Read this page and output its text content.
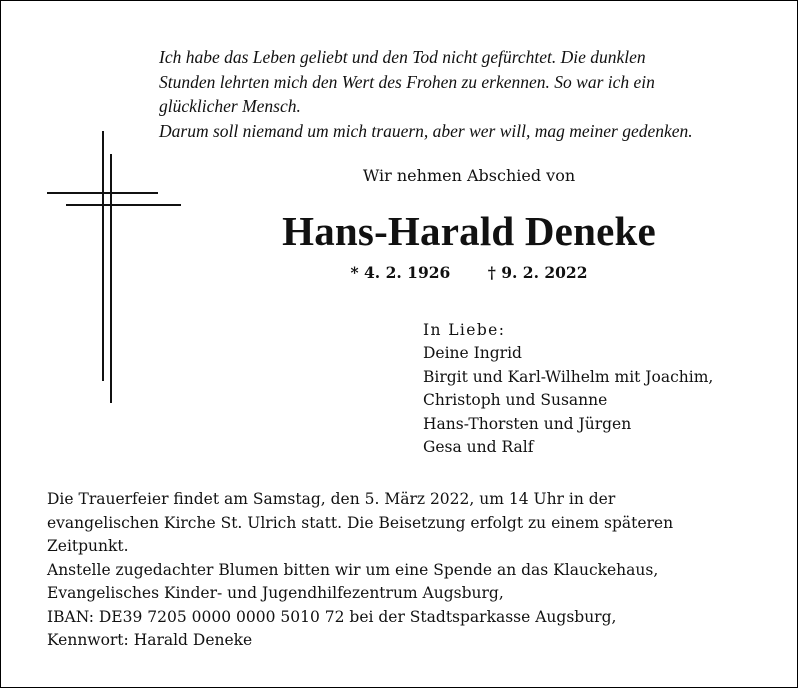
Ich habe das Leben geliebt und den Tod nicht gefürchtet. Die dunklen
Stunden lehrten mich den Wert des Frohen zu erkennen. So war ich ein
glücklicher Mensch.
Darum soll niemand um mich trauern, aber wer will, mag meiner gedenken.
Wir nehmen Abschied von
Hans-Harald Deneke
* 4. 2. 1926 † 9. 2. 2022
In Liebe:
Deine Ingrid
Birgit und Karl-Wilhelm mit Joachim,
Christoph und Susanne
Hans-Thorsten und Jürgen
Gesa und Ralf
Die Trauerfeier findet am Samstag, den 5. März 2022, um 14 Uhr in der
evangelischen Kirche St. Ulrich statt. Die Beisetzung erfolgt zu einem späteren
Zeitpunkt.
Anstelle zugedachter Blumen bitten wir um eine Spende an das Klauckehaus,
Evangelisches Kinder- und Jugendhilfezentrum Augsburg,
IBAN: DE39 7205 0000 0000 5010 72 bei der Stadtsparkasse Augsburg,
Kennwort: Harald Deneke
